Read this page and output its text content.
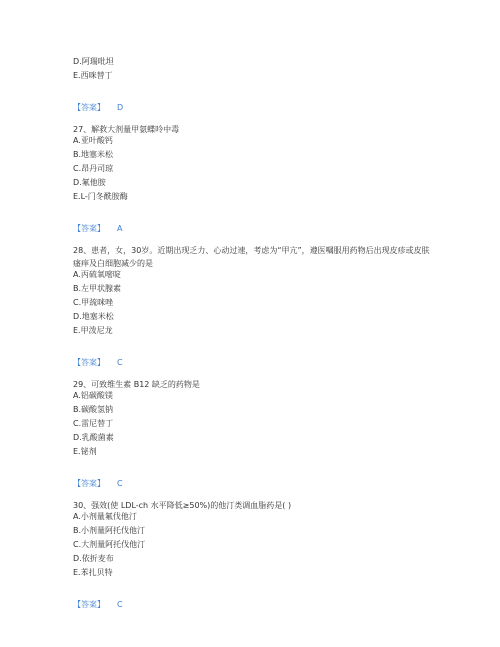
D.阿瑞吡坦
E.西咪替丁
【答案】 D
27、解救大剂量甲氨蝶呤中毒
A.亚叶酸钙
B.地塞米松
C.昂丹司琼
D.氟他胺
E.L-门冬酰胺酶
【答案】 A
28、患者，女，30岁。近期出现乏力、心动过速，考虑为“甲亢”，遵医嘱服用药物后出现皮疹或皮肤瘙痒及白细胞减少的是
A.丙硫氧嘧啶
B.左甲状腺素
C.甲巯咪唑
D.地塞米松
E.甲泼尼龙
【答案】 C
29、可致维生素 B12 缺乏的药物是
A.铝碳酸镁
B.碳酸氢钠
C.雷尼替丁
D.乳酸菌素
E.铋剂
【答案】 C
30、强效(使 LDL-ch 水平降低≥50%)的他汀类调血脂药是( )
A.小剂量氟伐他汀
B.小剂量阿托伐他汀
C.大剂量阿托伐他汀
D.依折麦布
E.苯扎贝特
【答案】 C
